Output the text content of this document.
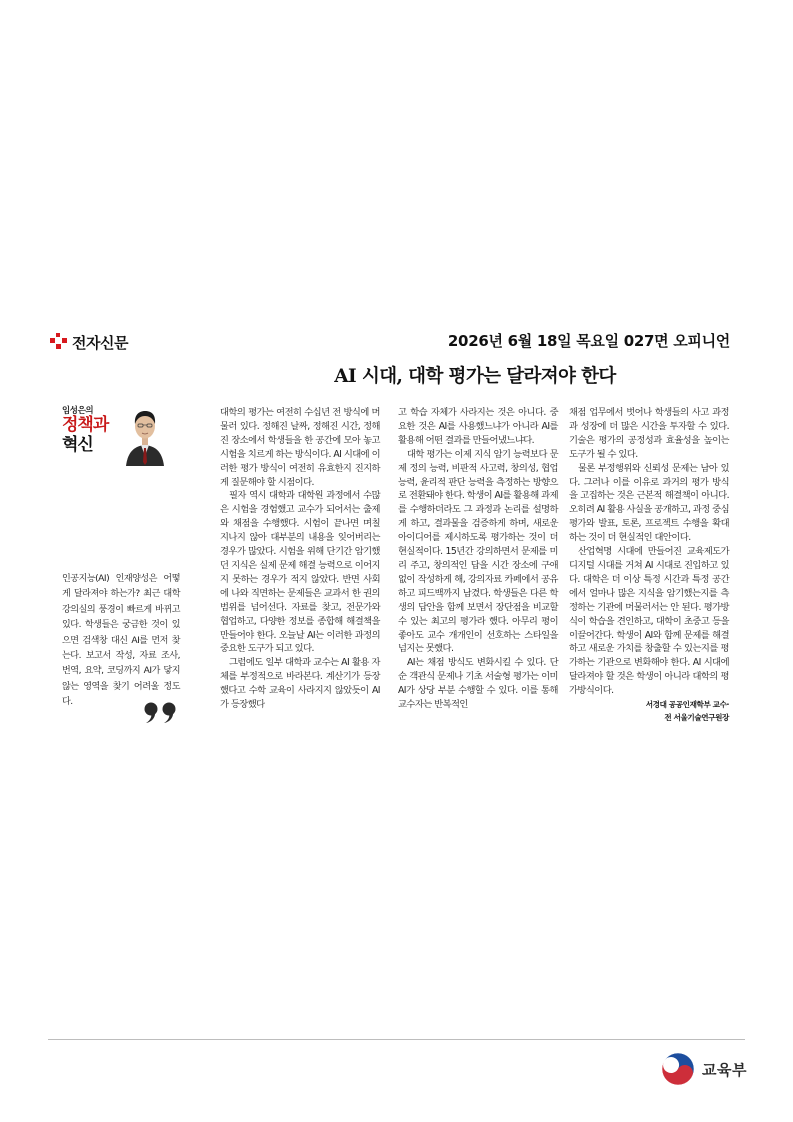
전자신문	2026년 6월 18일 목요일 027면 오피니언
AI 시대, 대학 평가는 달라져야 한다
임성은의
정책과
혁신
인공지능(AI) 인재양성은 어떻게 달라져야 하는가? 최근 대학 강의실의 풍경이 빠르게 바뀌고 있다. 학생들은 궁금한 것이 있으면 검색창 대신 AI를 먼저 찾는다. 보고서 작성, 자료 조사, 번역, 요약, 코딩까지 AI가 닿지 않는 영역을 찾기 어려울 정도다.

대학의 평가는 여전히 수십년 전 방식에 머물러 있다. 정해진 날짜, 정해진 시간, 정해진 장소에서 학생들을 한 공간에 모아 놓고 시험을 치르게 하는 방식이다. AI 시대에 이러한 평가 방식이 여전히 유효한지 진지하게 질문해야 할 시점이다.

필자 역시 대학과 대학원 과정에서 수많은 시험을 경험했고 교수가 되어서는 출제와 채점을 수행했다. 시험이 끝나면 며칠 지나지 않아 대부분의 내용을 잊어버리는 경우가 많았다. 시험을 위해 단기간 암기했던 지식은 실제 문제 해결 능력으로 이어지지 못하는 경우가 적지 않았다. 반면 사회에 나와 직면하는 문제들은 교과서 한 권의 범위를 넘어선다. 자료를 찾고, 전문가와 협업하고, 다양한 정보를 종합해 해결책을 만들어야 한다. 오늘날 AI는 이러한 과정의 중요한 도구가 되고 있다.

그럼에도 일부 대학과 교수는 AI 활용 자체를 부정적으로 바라본다. 계산기가 등장했다고 수학 교육이 사라지지 않았듯이 AI가 등장했다

고 학습 자체가 사라지는 것은 아니다. 중요한 것은 AI를 사용했느냐가 아니라 AI를 활용해 어떤 결과를 만들어냈느냐다.

대학 평가는 이제 지식 암기 능력보다 문제 정의 능력, 비판적 사고력, 창의성, 협업 능력, 윤리적 판단 능력을 측정하는 방향으로 전환돼야 한다. 학생이 AI를 활용해 과제를 수행하더라도 그 과정과 논리를 설명하게 하고, 결과물을 검증하게 하며, 새로운 아이디어를 제시하도록 평가하는 것이 더 현실적이다. 15년간 강의하면서 문제를 미리 주고, 창의적인 답을 시간 장소에 구애 없이 작성하게 해, 강의자료 카페에서 공유하고 피드백까지 남겼다. 학생들은 다른 학생의 답안을 함께 보면서 장단점을 비교할 수 있는 최고의 평가라 했다. 아무리 평이 좋아도 교수 개개인이 선호하는 스타일을 넘지는 못했다.

AI는 채점 방식도 변화시킬 수 있다. 단순 객관식 문제나 기초 서술형 평가는 이미 AI가 상당 부분 수행할 수 있다. 이를 통해 교수자는 반복적인

채점 업무에서 벗어나 학생들의 사고 과정과 성장에 더 많은 시간을 투자할 수 있다. 기술은 평가의 공정성과 효율성을 높이는 도구가 될 수 있다.

물론 부정행위와 신뢰성 문제는 남아 있다. 그러나 이를 이유로 과거의 평가 방식을 고집하는 것은 근본적 해결책이 아니다. 오히려 AI 활용 사실을 공개하고, 과정 중심 평가와 발표, 토론, 프로젝트 수행을 확대하는 것이 더 현실적인 대안이다.

산업혁명 시대에 만들어진 교육제도가 디지털 시대를 거쳐 AI 시대로 진입하고 있다. 대학은 더 이상 특정 시간과 특정 공간에서 얼마나 많은 지식을 암기했는지를 측정하는 기관에 머물러서는 안 된다. 평가방식이 학습을 견인하고, 대학이 초중고 등을 이끌어간다. 학생이 AI와 함께 문제를 해결하고 새로운 가치를 창출할 수 있는지를 평가하는 기관으로 변화해야 한다. AI 시대에 달라져야 할 것은 학생이 아니라 대학의 평가방식이다.

서경대 공공인재학부 교수·
전 서울기술연구원장
교육부
